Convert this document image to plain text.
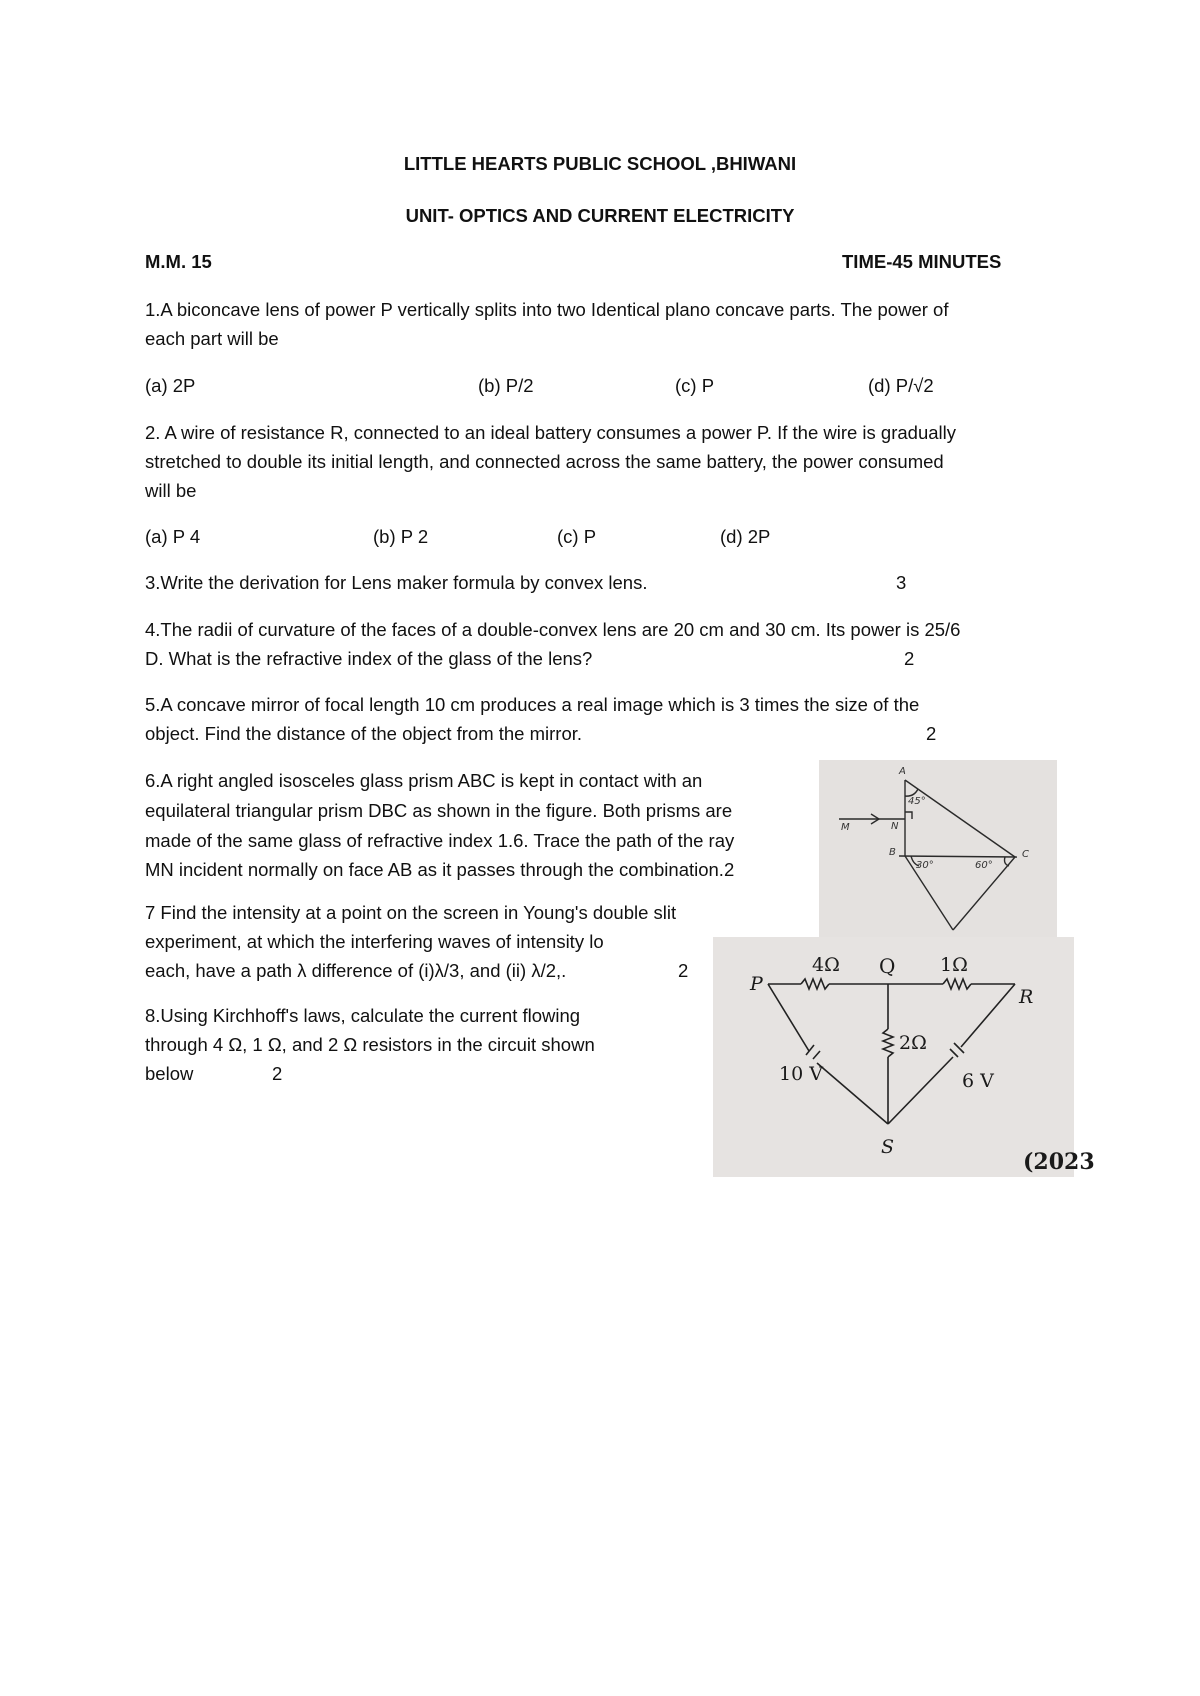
LITTLE HEARTS PUBLIC SCHOOL ,BHIWANI
UNIT- OPTICS AND CURRENT ELECTRICITY
M.M. 15	TIME-45 MINUTES
1.A biconcave lens of power P vertically splits into two Identical plano concave parts. The power of
each part will be
(a) 2P	(b) P/2	(c) P	(d) P/√2
2. A wire of resistance R, connected to an ideal battery consumes a power P. If the wire is gradually
stretched to double its initial length, and connected across the same battery, the power consumed
will be
(a) P 4	(b) P 2	(c) P	(d) 2P
3.Write the derivation for Lens maker formula by convex lens.	3
4.The radii of curvature of the faces of a double-convex lens are 20 cm and 30 cm. Its power is 25/6
D. What is the refractive index of the glass of the lens?	2
5.A concave mirror of focal length 10 cm produces a real image which is 3 times the size of the
object. Find the distance of the object from the mirror.	2
6.A right angled isosceles glass prism ABC is kept in contact with an
equilateral triangular prism DBC as shown in the figure. Both prisms are
made of the same glass of refractive index 1.6. Trace the path of the ray
MN incident normally on face AB as it passes through the combination.2
7 Find the intensity at a point on the screen in Young's double slit
experiment, at which the interfering waves of intensity lo
each, have a path λ difference of (i)λ/3, and (ii) λ/2,.	2
8.Using Kirchhoff's laws, calculate the current flowing
through 4 Ω, 1 Ω, and 2 Ω resistors in the circuit shown
below	2
A
M	N
B	C
45°
30°	60°
P
Q
R
S
4Ω	1Ω
2Ω
10 V	6 V
(2023
